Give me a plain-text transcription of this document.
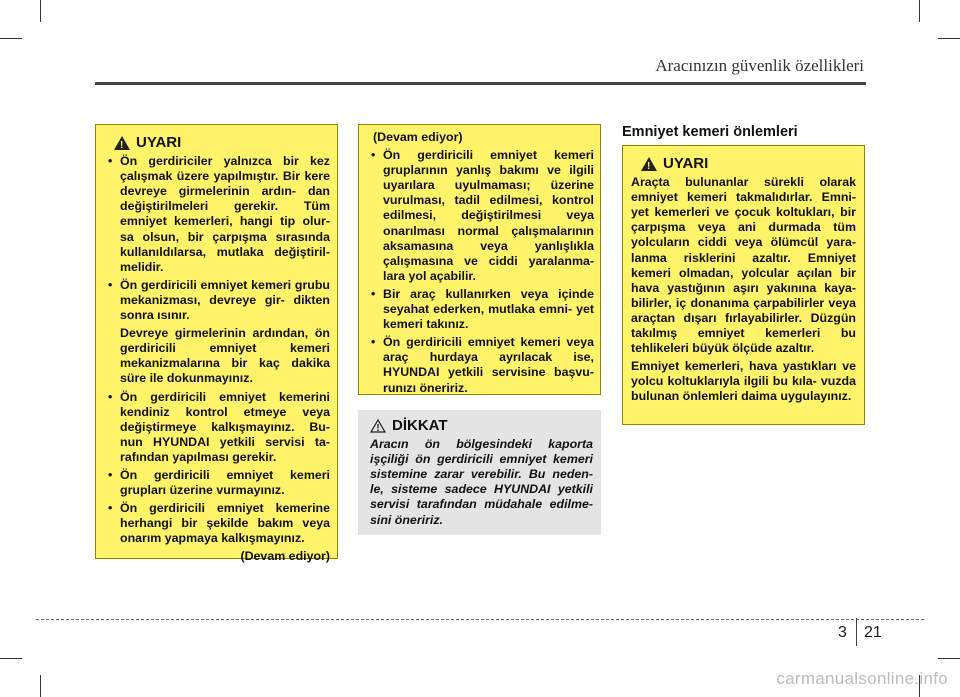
Aracınızın güvenlik özellikleri
!
UYARI
• Ön gerdiriciler yalnızca bir kez çalışmak üzere yapılmıştır. Bir kere devreye girmelerinin ardın- dan değiştirilmeleri gerekir. Tüm emniyet kemerleri, hangi tip olur- sa olsun, bir çarpışma sırasında kullanıldılarsa, mutlaka değiştiril- melidir.
• Ön gerdiricili emniyet kemeri grubu mekanizması, devreye gir- dikten sonra ısınır.

Devreye girmelerinin ardından, ön gerdiricili emniyet kemeri mekanizmalarına bir kaç dakika süre ile dokunmayınız.

• Ön gerdiricili emniyet kemerini kendiniz kontrol etmeye veya değiştirmeye kalkışmayınız. Bu- nun HYUNDAI yetkili servisi ta- rafından yapılması gerekir.
• Ön gerdiricili emniyet kemeri grupları üzerine vurmayınız.
• Ön gerdiricili emniyet kemerine herhangi bir şekilde bakım veya onarım yapmaya kalkışmayınız.

(Devam ediyor)

(Devam ediyor)

• Ön gerdiricili emniyet kemeri gruplarının yanlış bakımı ve ilgili uyarılara uyulmaması; üzerine vurulması, tadil edilmesi, kontrol edilmesi, değiştirilmesi veya onarılması normal çalışmalarının aksamasına veya yanlışlıkla çalışmasına ve ciddi yaralanma- lara yol açabilir.
• Bir araç kullanırken veya içinde seyahat ederken, mutlaka emni- yet kemeri takınız.
• Ön gerdiricili emniyet kemeri veya araç hurdaya ayrılacak ise, HYUNDAI yetkili servisine başvu- runızı öneririz.
DİKKAT

Aracın ön bölgesindeki kaporta işçiliği ön gerdiricili emniyet kemeri sistemine zarar verebilir. Bu neden- le, sisteme sadece HYUNDAI yetkili servisi tarafından müdahale edilme- sini öneririz.

Emniyet kemeri önlemleri
!
UYARI

Araçta bulunanlar sürekli olarak emniyet kemeri takmalıdırlar. Emni- yet kemerleri ve çocuk koltukları, bir çarpışma veya ani durmada tüm yolcuların ciddi veya ölümcül yara- lanma risklerini azaltır. Emniyet kemeri olmadan, yolcular açılan bir hava yastığının aşırı yakınına kaya- bilirler, iç donanıma çarpabilirler veya araçtan dışarı fırlayabilirler. Düzgün takılmış emniyet kemerleri bu tehlikeleri büyük ölçüde azaltır.

Emniyet kemerleri, hava yastıkları ve yolcu koltuklarıyla ilgili bu kıla- vuzda bulunan önlemleri daima uygulayınız.

3 21
carmanualsonline.info
